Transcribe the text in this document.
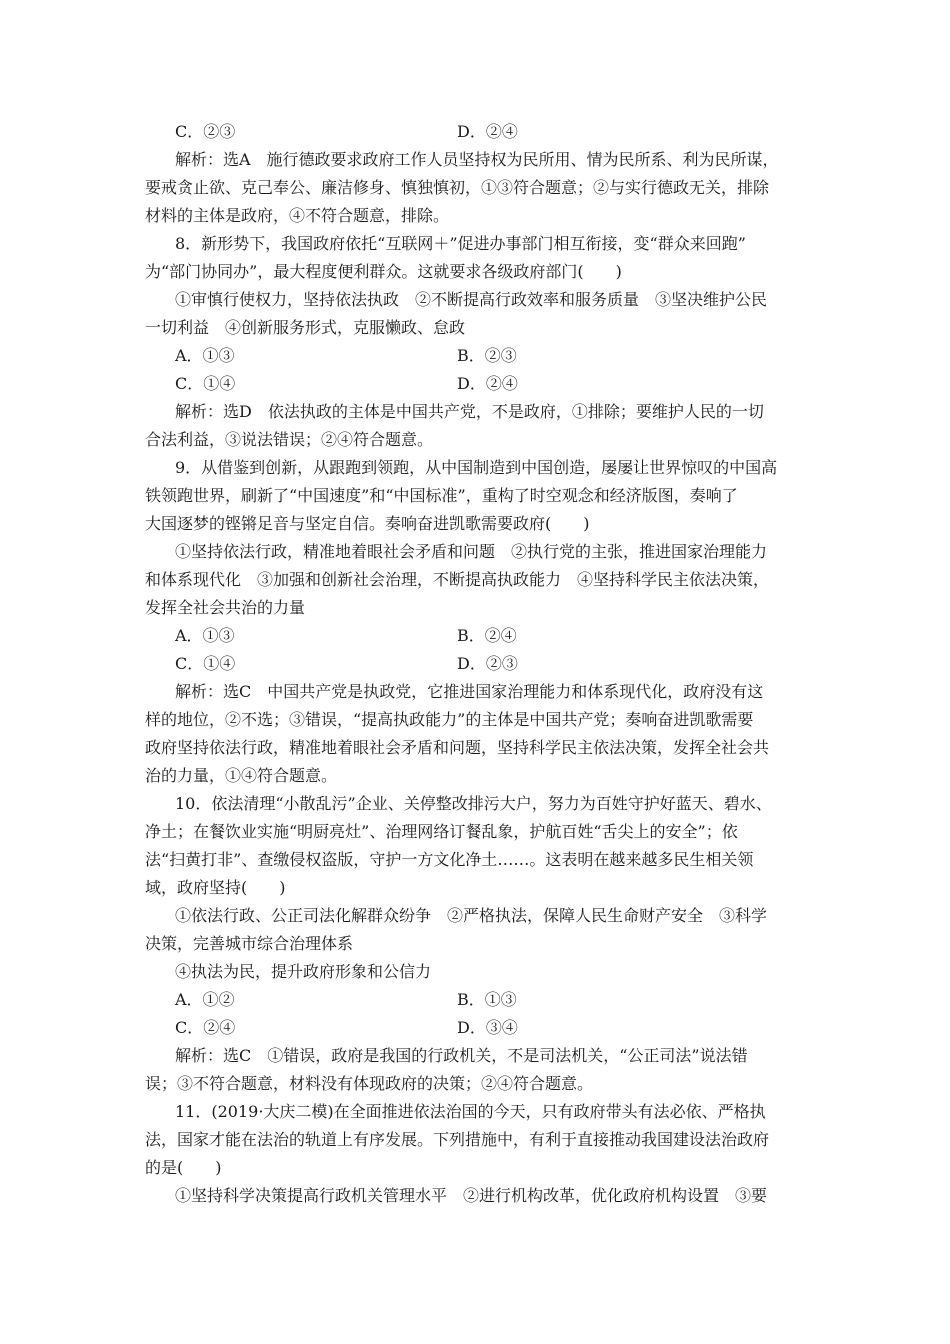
C．②③	D．②④
解析：选A　施行德政要求政府工作人员坚持权为民所用、情为民所系、利为民所谋，
要戒贪止欲、克己奉公、廉洁修身、慎独慎初，①③符合题意；②与实行德政无关，排除
材料的主体是政府，④不符合题意，排除。
8．新形势下，我国政府依托“互联网＋”促进办事部门相互衔接，变“群众来回跑”
为“部门协同办”，最大程度便利群众。这就要求各级政府部门(　　)
①审慎行使权力，坚持依法执政　②不断提高行政效率和服务质量　③坚决维护公民
一切利益　④创新服务形式，克服懒政、怠政
A．①③	B．②③
C．①④	D．②④
解析：选D　依法执政的主体是中国共产党，不是政府，①排除；要维护人民的一切
合法利益，③说法错误；②④符合题意。
9．从借鉴到创新，从跟跑到领跑，从中国制造到中国创造，屡屡让世界惊叹的中国高
铁领跑世界，刷新了“中国速度”和“中国标准”，重构了时空观念和经济版图，奏响了
大国逐梦的铿锵足音与坚定自信。奏响奋进凯歌需要政府(　　)
①坚持依法行政，精准地着眼社会矛盾和问题　②执行党的主张，推进国家治理能力
和体系现代化　③加强和创新社会治理，不断提高执政能力　④坚持科学民主依法决策，
发挥全社会共治的力量
A．①③	B．②④
C．①④	D．②③
解析：选C　中国共产党是执政党，它推进国家治理能力和体系现代化，政府没有这
样的地位，②不选；③错误，“提高执政能力”的主体是中国共产党；奏响奋进凯歌需要
政府坚持依法行政，精准地着眼社会矛盾和问题，坚持科学民主依法决策，发挥全社会共
治的力量，①④符合题意。
10．依法清理“小散乱污”企业、关停整改排污大户，努力为百姓守护好蓝天、碧水、
净土；在餐饮业实施“明厨亮灶”、治理网络订餐乱象，护航百姓“舌尖上的安全”；依
法“扫黄打非”、查缴侵权盗版，守护一方文化净土……。这表明在越来越多民生相关领
域，政府坚持(　　)
①依法行政、公正司法化解群众纷争　②严格执法，保障人民生命财产安全　③科学
决策，完善城市综合治理体系
④执法为民，提升政府形象和公信力
A．①②	B．①③
C．②④	D．③④
解析：选C　①错误，政府是我国的行政机关，不是司法机关，“公正司法”说法错
误；③不符合题意，材料没有体现政府的决策；②④符合题意。
11．(2019·大庆二模)在全面推进依法治国的今天，只有政府带头有法必依、严格执
法，国家才能在法治的轨道上有序发展。下列措施中，有利于直接推动我国建设法治政府
的是(　　)
①坚持科学决策提高行政机关管理水平　②进行机构改革，优化政府机构设置　③要
